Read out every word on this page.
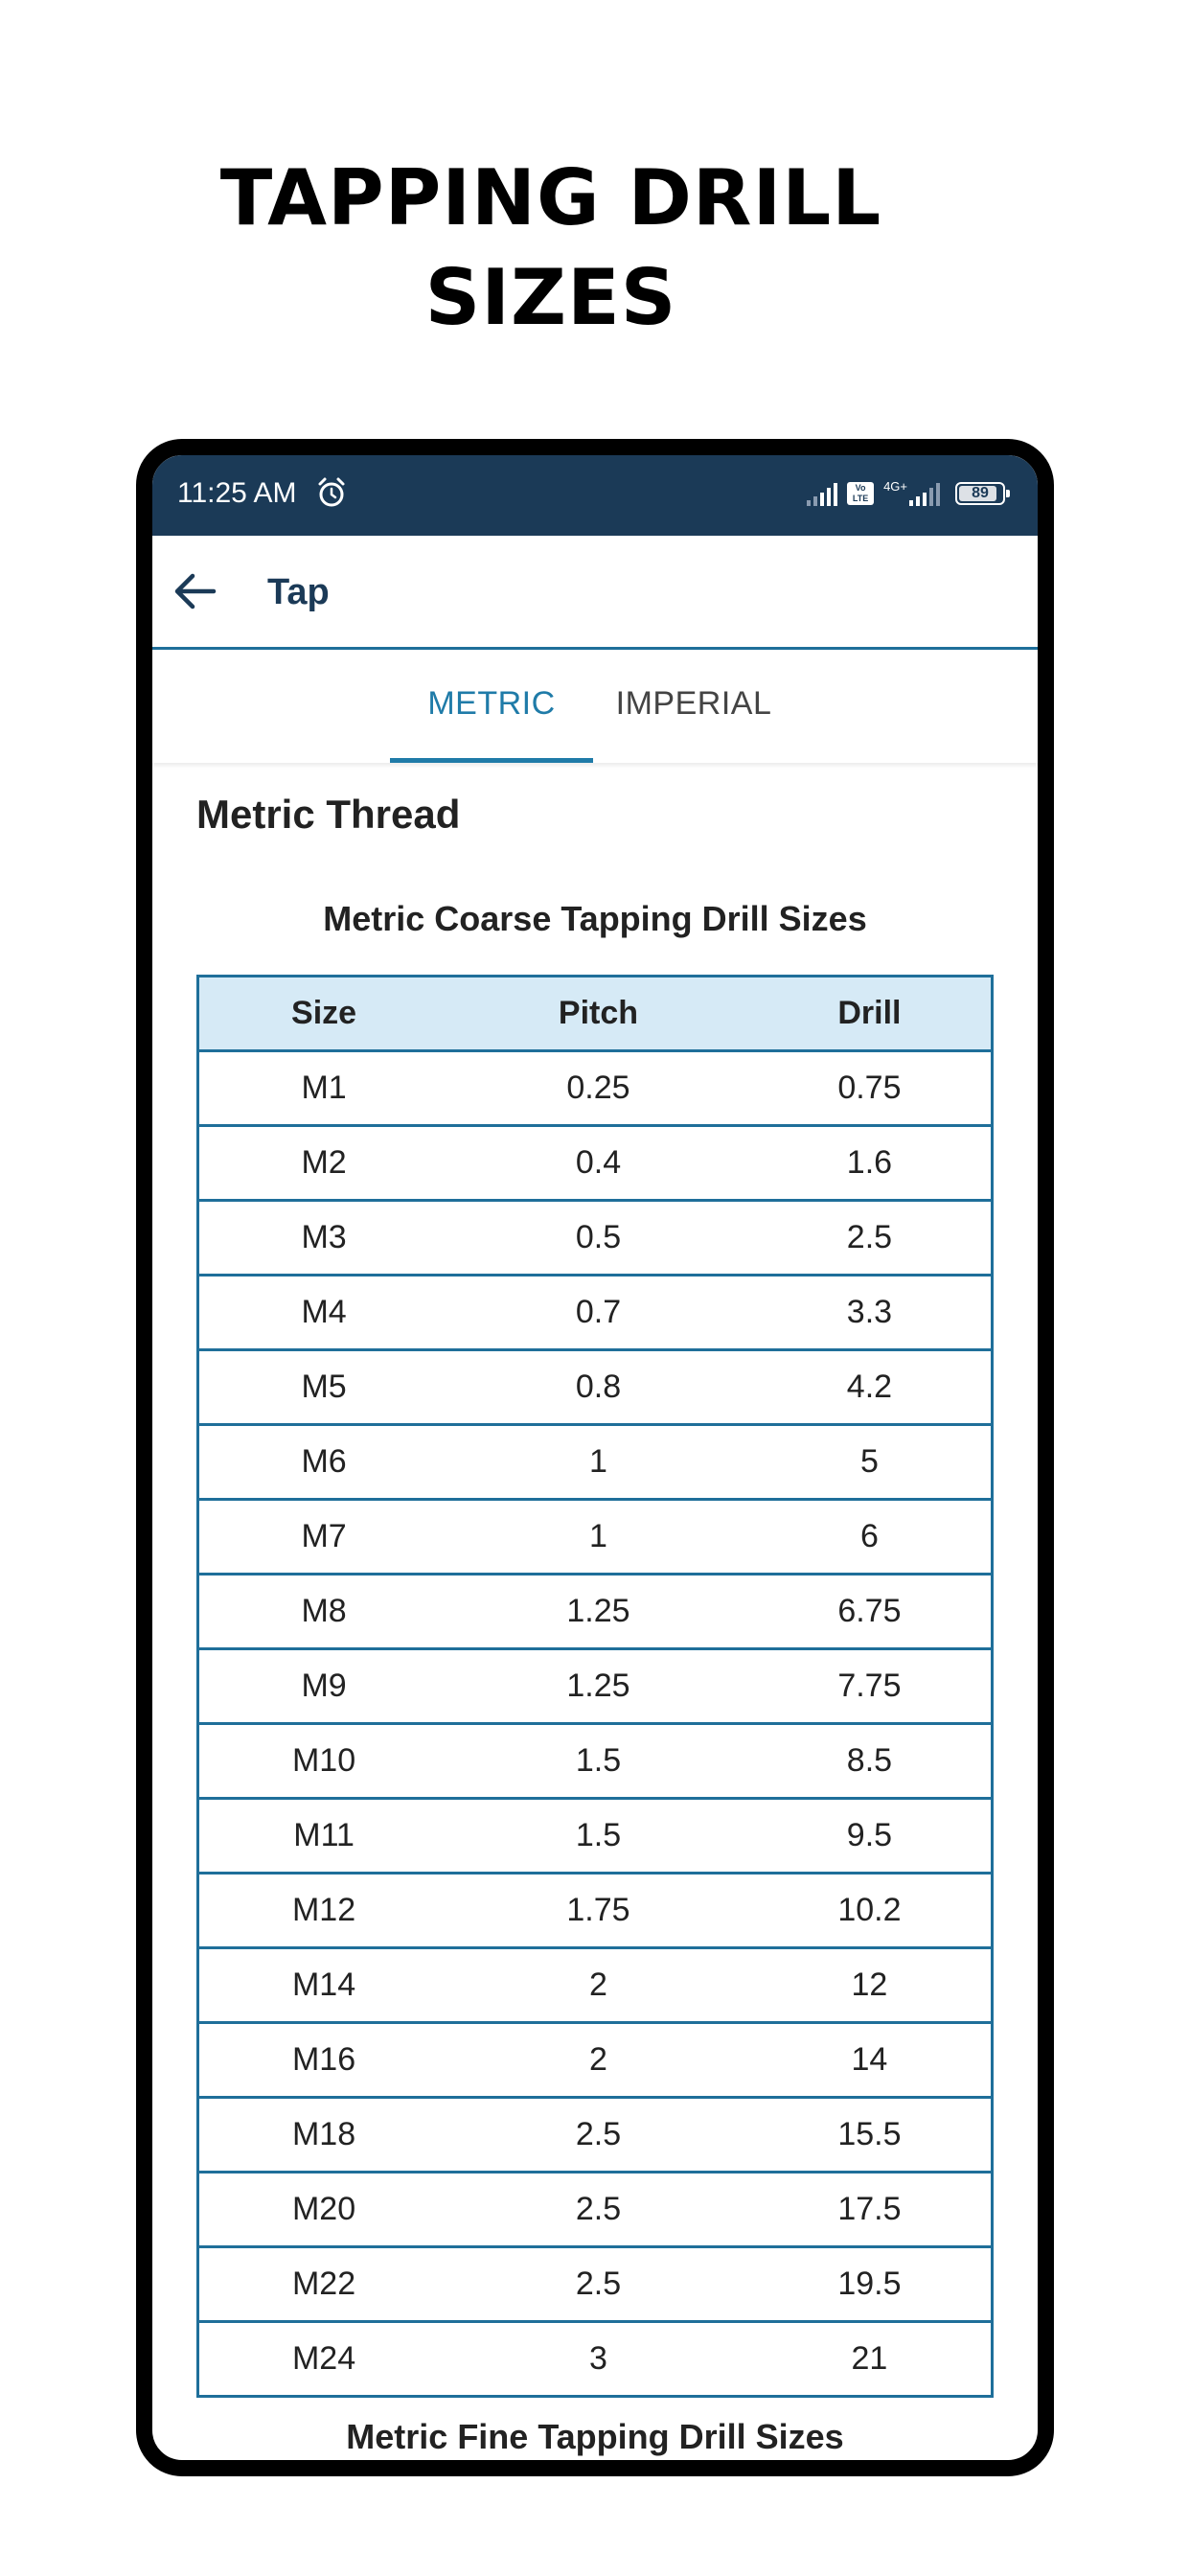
TAPPING DRILL
SIZES
11:25 AM	Vo LTE
4G+	89
Tap
METRIC	IMPERIAL
Metric Thread
Metric Coarse Tapping Drill Sizes
Size	Pitch	Drill
M1	0.25	0.75
M2	0.4	1.6
M3	0.5	2.5
M4	0.7	3.3
M5	0.8	4.2
M6	1	5
M7	1	6
M8	1.25	6.75
M9	1.25	7.75
M10	1.5	8.5
M11	1.5	9.5
M12	1.75	10.2
M14	2	12
M16	2	14
M18	2.5	15.5
M20	2.5	17.5
M22	2.5	19.5
M24	3	21
Metric Fine Tapping Drill Sizes
